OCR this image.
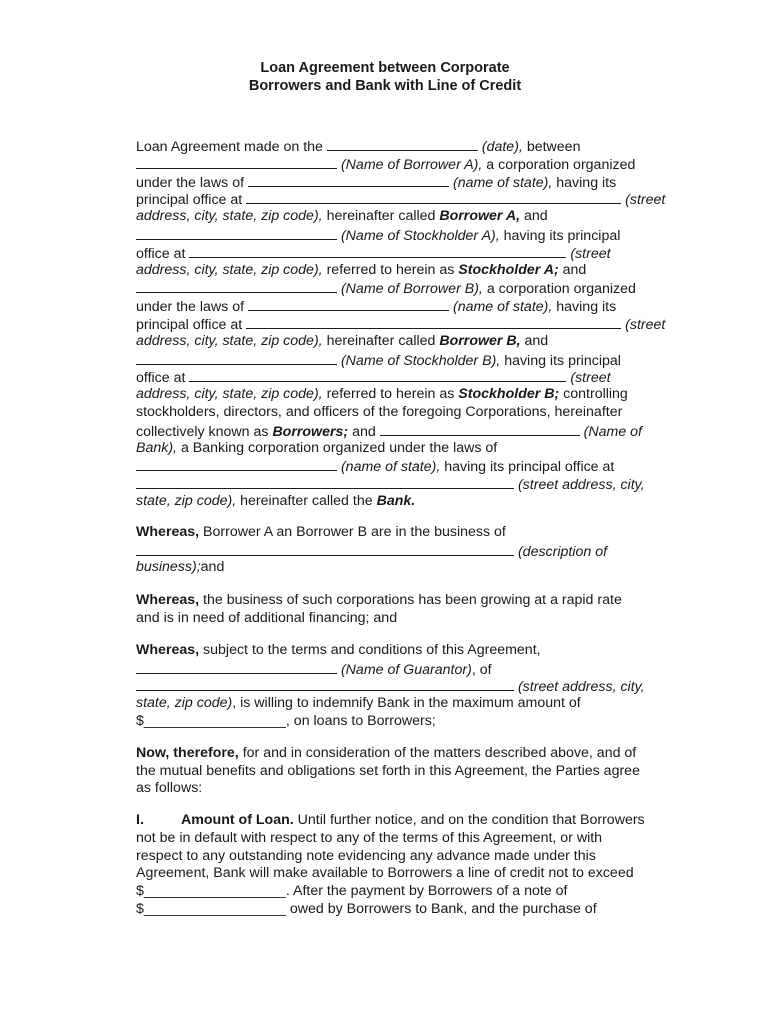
Loan Agreement between Corporate
Borrowers and Bank with Line of Credit
Loan Agreement made on the	(date), between
(Name of Borrower A), a corporation organized
under the laws of	(name of state), having its
principal office at	(street
address, city, state, zip code), hereinafter called Borrower A, and
(Name of Stockholder A), having its principal
office at	(street
address, city, state, zip code), referred to herein as Stockholder A; and
(Name of Borrower B), a corporation organized
under the laws of	(name of state), having its
principal office at	(street
address, city, state, zip code), hereinafter called Borrower B, and
(Name of Stockholder B), having its principal
office at	(street
address, city, state, zip code), referred to herein as Stockholder B; controlling
stockholders, directors, and officers of the foregoing Corporations, hereinafter
collectively known as Borrowers; and	(Name of
Bank), a Banking corporation organized under the laws of
(name of state), having its principal office at
(street address, city,
state, zip code), hereinafter called the Bank.
Whereas, Borrower A an Borrower B are in the business of
(description of
business);and
Whereas, the business of such corporations has been growing at a rapid rate
and is in need of additional financing; and
Whereas, subject to the terms and conditions of this Agreement,
(Name of Guarantor), of
(street address, city,
state, zip code), is willing to indemnify Bank in the maximum amount of
$__________________, on loans to Borrowers;
Now, therefore, for and in consideration of the matters described above, and of
the mutual benefits and obligations set forth in this Agreement, the Parties agree
as follows:
I.	Amount of Loan. Until further notice, and on the condition that Borrowers
not be in default with respect to any of the terms of this Agreement, or with
respect to any outstanding note evidencing any advance made under this
Agreement, Bank will make available to Borrowers a line of credit not to exceed
$__________________. After the payment by Borrowers of a note of
$__________________ owed by Borrowers to Bank, and the purchase of
